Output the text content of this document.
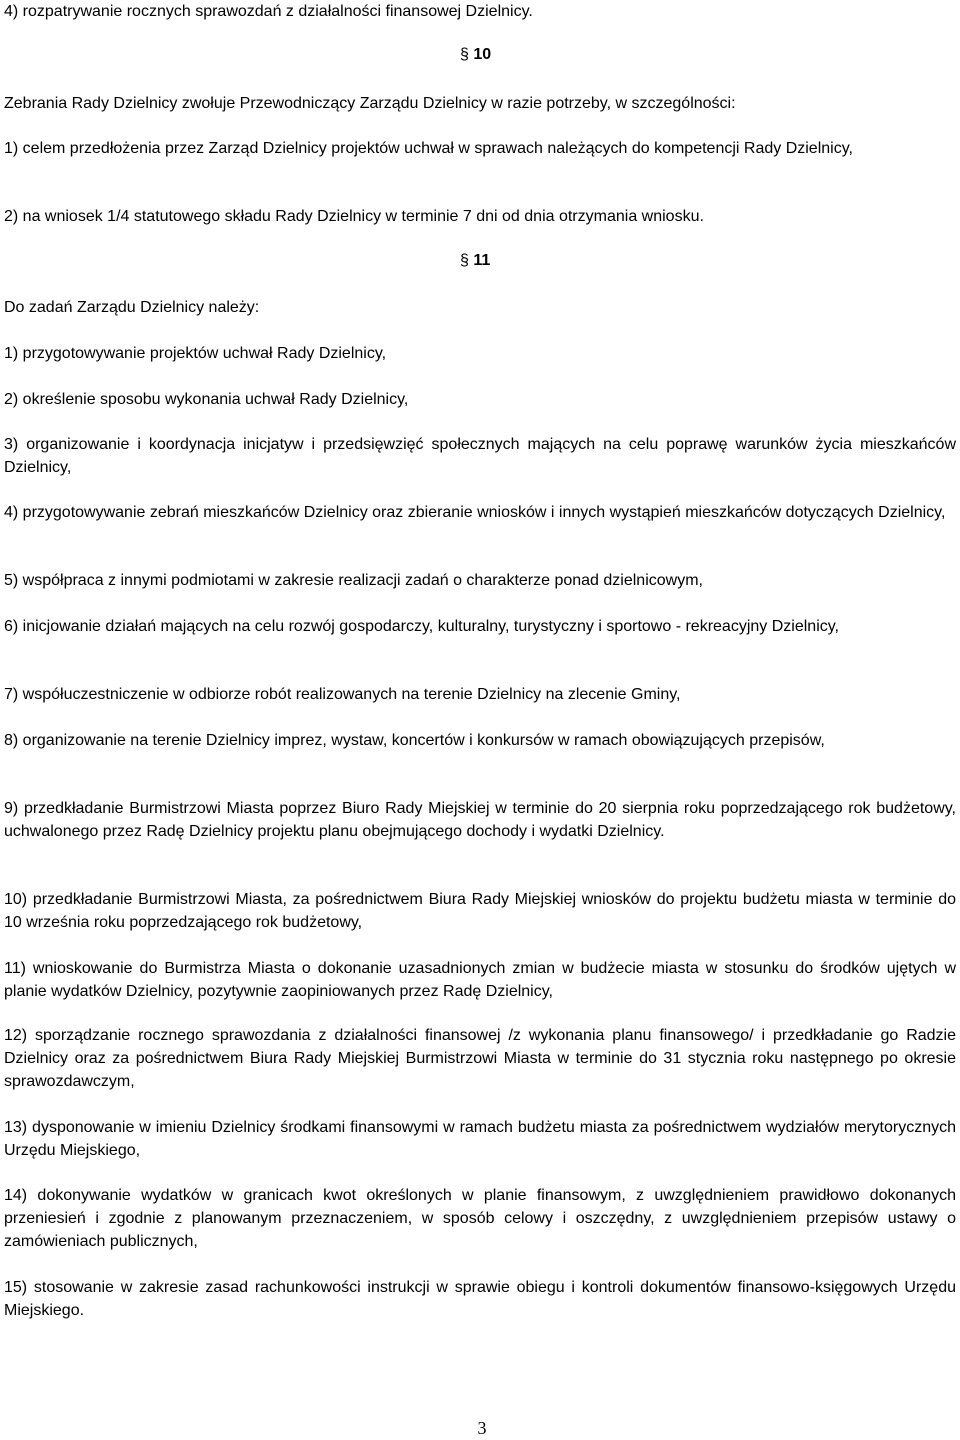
4) rozpatrywanie rocznych sprawozdań z działalności finansowej Dzielnicy.

§ 10

Zebrania Rady Dzielnicy zwołuje Przewodniczący Zarządu Dzielnicy w razie potrzeby, w szczególności:

1) celem przedłożenia przez Zarząd Dzielnicy projektów uchwał w sprawach należących do kompetencji Rady Dzielnicy,

2) na wniosek 1/4 statutowego składu Rady Dzielnicy w terminie 7 dni od dnia otrzymania wniosku.

§ 11

Do zadań Zarządu Dzielnicy należy:

1) przygotowywanie projektów uchwał Rady Dzielnicy,

2) określenie sposobu wykonania uchwał Rady Dzielnicy,

3) organizowanie i koordynacja inicjatyw i przedsięwzięć społecznych mających na celu poprawę warunków życia mieszkańców Dzielnicy,

4) przygotowywanie zebrań mieszkańców Dzielnicy oraz zbieranie wniosków i innych wystąpień mieszkańców dotyczących Dzielnicy,

5) współpraca z innymi podmiotami w zakresie realizacji zadań o charakterze ponad dzielnicowym,

6) inicjowanie działań mających na celu rozwój gospodarczy, kulturalny, turystyczny i sportowo - rekreacyjny Dzielnicy,

7) współuczestniczenie w odbiorze robót realizowanych na terenie Dzielnicy na zlecenie Gminy,

8) organizowanie na terenie Dzielnicy imprez, wystaw, koncertów i konkursów w ramach obowiązujących przepisów,

9) przedkładanie Burmistrzowi Miasta poprzez Biuro Rady Miejskiej w terminie do 20 sierpnia roku poprzedzającego rok budżetowy, uchwalonego przez Radę Dzielnicy projektu planu obejmującego dochody i wydatki Dzielnicy.

10) przedkładanie Burmistrzowi Miasta, za pośrednictwem Biura Rady Miejskiej wniosków do projektu budżetu miasta w terminie do 10 września roku poprzedzającego rok budżetowy,

11) wnioskowanie do Burmistrza Miasta o dokonanie uzasadnionych zmian w budżecie miasta w stosunku do środków ujętych w planie wydatków Dzielnicy, pozytywnie zaopiniowanych przez Radę Dzielnicy,

12) sporządzanie rocznego sprawozdania z działalności finansowej /z wykonania planu finansowego/ i przedkładanie go Radzie Dzielnicy oraz za pośrednictwem Biura Rady Miejskiej Burmistrzowi Miasta w terminie do 31 stycznia roku następnego po okresie sprawozdawczym,

13) dysponowanie w imieniu Dzielnicy środkami finansowymi w ramach budżetu miasta za pośrednictwem wydziałów merytorycznych Urzędu Miejskiego,

14) dokonywanie wydatków w granicach kwot określonych w planie finansowym, z uwzględnieniem prawidłowo dokonanych przeniesień i zgodnie z planowanym przeznaczeniem, w sposób celowy i oszczędny, z uwzględnieniem przepisów ustawy o zamówieniach publicznych,

15) stosowanie w zakresie zasad rachunkowości instrukcji w sprawie obiegu i kontroli dokumentów finansowo-księgowych Urzędu Miejskiego.

3
